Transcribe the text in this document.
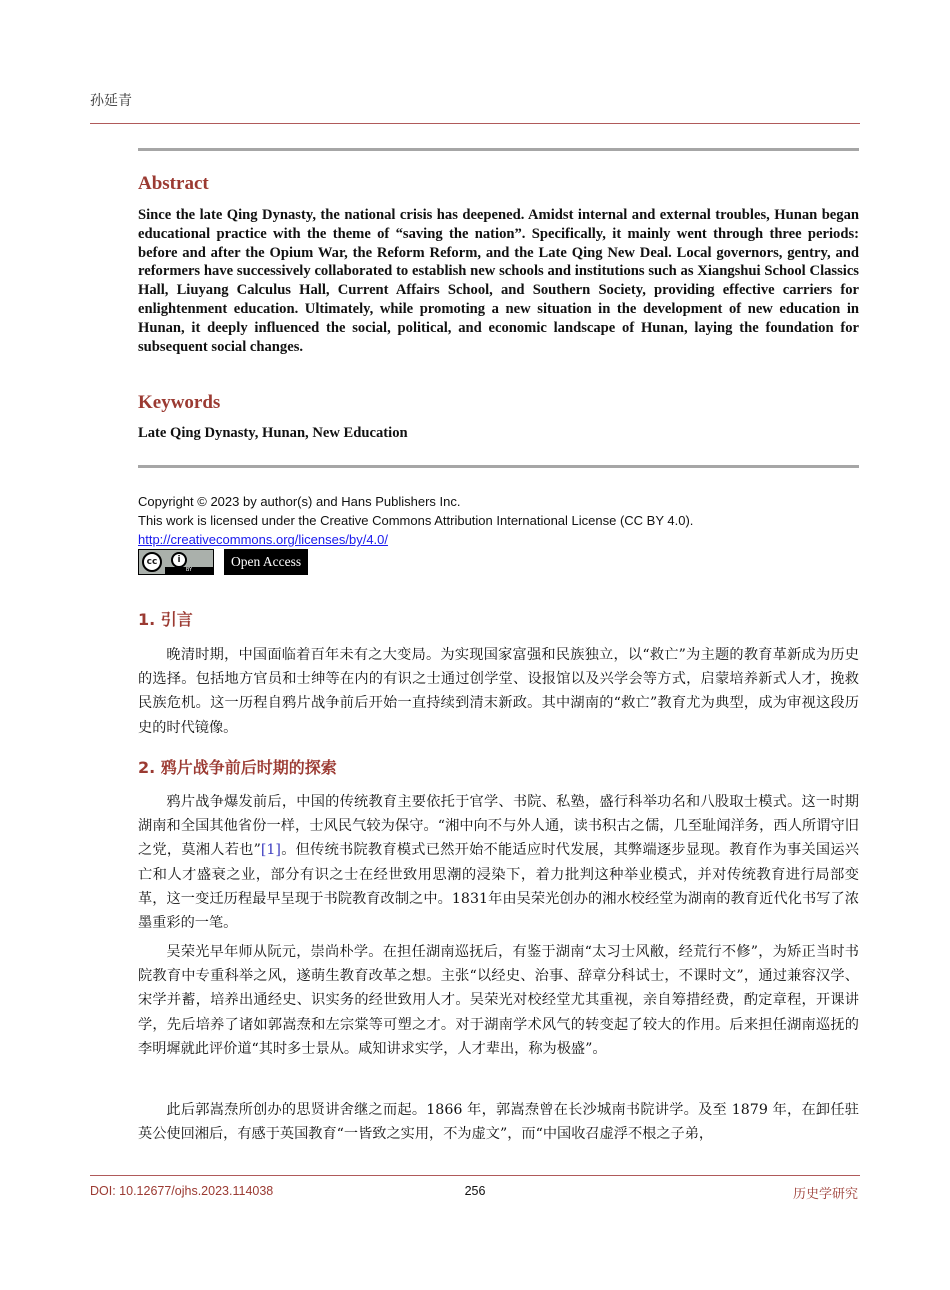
孙延青
Abstract
Since the late Qing Dynasty, the national crisis has deepened. Amidst internal and external troubles, Hunan began educational practice with the theme of “saving the nation”. Specifically, it mainly went through three periods: before and after the Opium War, the Reform Reform, and the Late Qing New Deal. Local governors, gentry, and reformers have successively collaborated to establish new schools and institutions such as Xiangshui School Classics Hall, Liuyang Calculus Hall, Current Affairs School, and Southern Society, providing effective carriers for enlightenment education. Ultimately, while promoting a new situation in the development of new education in Hunan, it deeply influenced the social, political, and economic landscape of Hunan, laying the foundation for subsequent social changes.
Keywords
Late Qing Dynasty, Hunan, New Education
Copyright © 2023 by author(s) and Hans Publishers Inc.
This work is licensed under the Creative Commons Attribution International License (CC BY 4.0).
http://creativecommons.org/licenses/by/4.0/
cc	i
BY
Open Access
1. 引言
晚清时期，中国面临着百年未有之大变局。为实现国家富强和民族独立，以“救亡”为主题的教育革新成为历史的选择。包括地方官员和士绅等在内的有识之士通过创学堂、设报馆以及兴学会等方式，启蒙培养新式人才，挽救民族危机。这一历程自鸦片战争前后开始一直持续到清末新政。其中湖南的“救亡”教育尤为典型，成为审视这段历史的时代镜像。
2. 鸦片战争前后时期的探索
鸦片战争爆发前后，中国的传统教育主要依托于官学、书院、私塾，盛行科举功名和八股取士模式。这一时期湖南和全国其他省份一样，士风民气较为保守。“湘中向不与外人通，读书积古之儒，几至耻闻洋务，西人所谓守旧之党，莫湘人若也”[1]。但传统书院教育模式已然开始不能适应时代发展，其弊端逐步显现。教育作为事关国运兴亡和人才盛衰之业，部分有识之士在经世致用思潮的浸染下，着力批判这种举业模式，并对传统教育进行局部变革，这一变迁历程最早呈现于书院教育改制之中。1831年由吴荣光创办的湘水校经堂为湖南的教育近代化书写了浓墨重彩的一笔。
吴荣光早年师从阮元，崇尚朴学。在担任湖南巡抚后，有鉴于湖南“太习士风敝，经荒行不修”，为矫正当时书院教育中专重科举之风，遂萌生教育改革之想。主张“以经史、治事、辞章分科试士，不课时文”，通过兼容汉学、宋学并蓄，培养出通经史、识实务的经世致用人才。吴荣光对校经堂尤其重视，亲自筹措经费，酌定章程，开课讲学，先后培养了诸如郭嵩焘和左宗棠等可塑之才。对于湖南学术风气的转变起了较大的作用。后来担任湖南巡抚的李明墀就此评价道“其时多士景从。咸知讲求实学，人才辈出，称为极盛”。
此后郭嵩焘所创办的思贤讲舍继之而起。1866 年，郭嵩焘曾在长沙城南书院讲学。及至 1879 年，在卸任驻英公使回湘后，有感于英国教育“一皆致之实用，不为虚文”，而“中国收召虚浮不根之子弟，
DOI: 10.12677/ojhs.2023.114038	256	历史学研究
